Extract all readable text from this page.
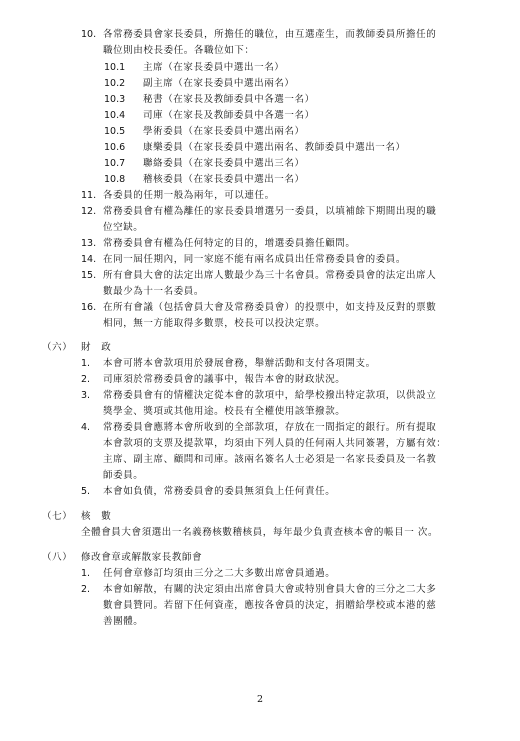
10. 各常務委員會家長委員，所擔任的職位，由互選產生，而教師委員所擔任的
職位則由校長委任。各職位如下：
10.1 主席（在家長委員中選出一名）
10.2 副主席（在家長委員中選出兩名）
10.3 秘書（在家長及教師委員中各選一名）
10.4 司庫（在家長及教師委員中各選一名）
10.5 學術委員（在家長委員中選出兩名）
10.6 康樂委員（在家長委員中選出兩名、教師委員中選出一名）
10.7 聯絡委員（在家長委員中選出三名）
10.8 稽核委員（在家長委員中選出一名）
11. 各委員的任期一般為兩年，可以連任。
12. 常務委員會有權為離任的家長委員增選另一委員，以填補餘下期間出現的職
位空缺。
13. 常務委員會有權為任何特定的目的，增選委員擔任顧問。
14. 在同一屆任期內，同一家庭不能有兩名成員出任常務委員會的委員。
15. 所有會員大會的法定出席人數最少為三十名會員。常務委員會的法定出席人
數最少為十一名委員。
16. 在所有會議（包括會員大會及常務委員會）的投票中，如支持及反對的票數
相同，無一方能取得多數票，校長可以投決定票。
（六） 財　政
1. 本會可將本會款項用於發展會務，舉辦活動和支付各項開支。
2. 司庫須於常務委員會的議事中，報告本會的財政狀況。
3. 常務委員會有的情權決定從本會的款項中，給學校撥出特定款項，以供設立
獎學金、獎項或其他用途。校長有全權使用該筆撥款。
4. 常務委員會應將本會所收到的全部款項，存放在一間指定的銀行。所有提取
本會款項的支票及提款單，均須由下列人員的任何兩人共同簽署，方屬有效：
主席、副主席、顧問和司庫。該兩名簽名人士必須是一名家長委員及一名教
師委員。
5. 本會如負債，常務委員會的委員無須負上任何責任。
（七） 核　數
全體會員大會須選出一名義務核數稽核員，每年最少負責查核本會的帳目一 次。
（八） 修改會章或解散家長教師會
1. 任何會章修訂均須由三分之二大多數出席會員通過。
2. 本會如解散，有關的決定須由出席會員大會或特別會員大會的三分之二大多
數會員贊同。若留下任何資產，應按各會員的決定，捐贈給學校或本港的慈
善團體。
2
